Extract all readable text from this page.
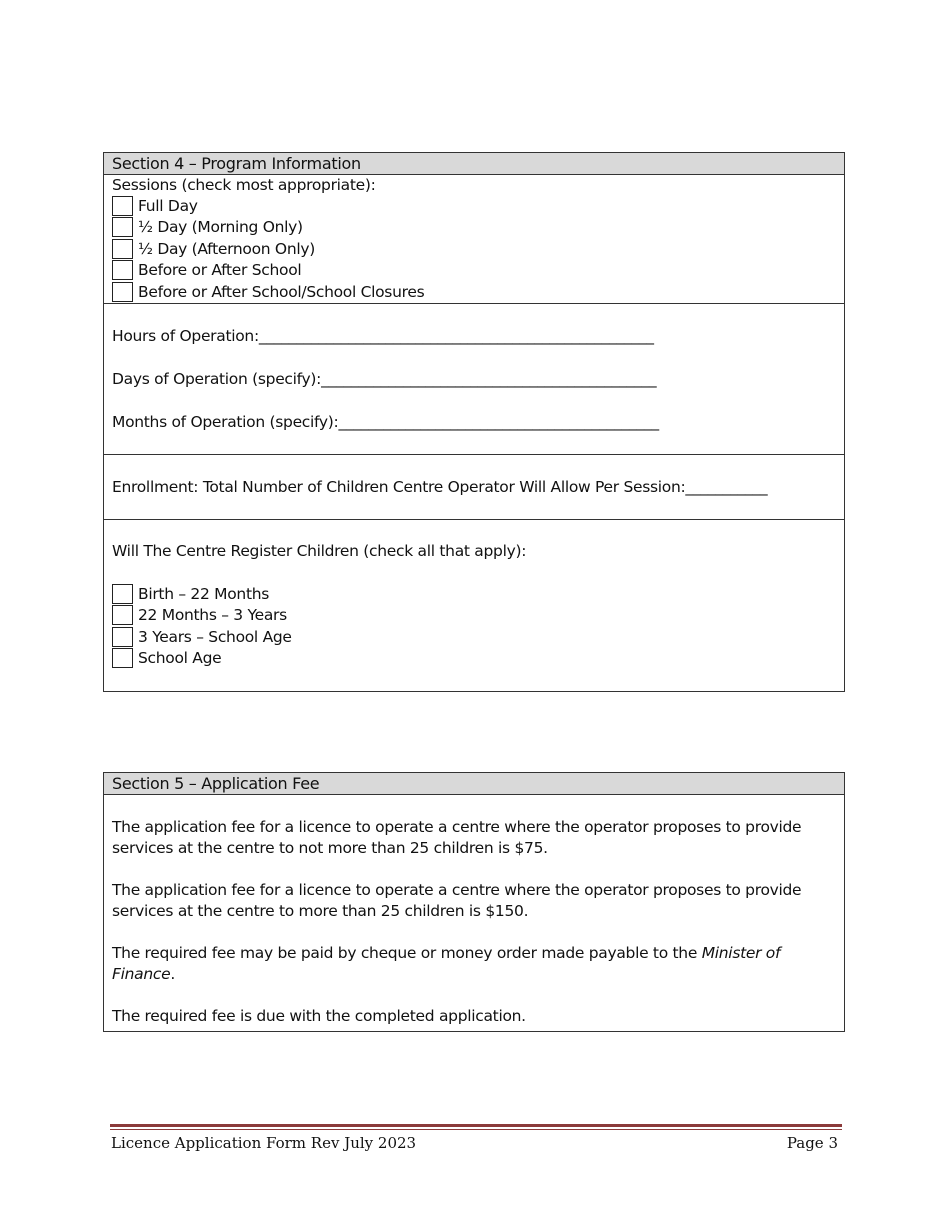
Section 4 – Program Information
Sessions (check most appropriate):
Full Day
½ Day (Morning Only)
½ Day (Afternoon Only)
Before or After School
Before or After School/School Closures
Hours of Operation:_____________________________________________________
Days of Operation (specify):_____________________________________________
Months of Operation (specify):___________________________________________
Enrollment: Total Number of Children Centre Operator Will Allow Per Session:___________
Will The Centre Register Children (check all that apply):
Birth – 22 Months
22 Months – 3 Years
3 Years – School Age
School Age
Section 5 – Application Fee

The application fee for a licence to operate a centre where the operator proposes to provide services at the centre to not more than 25 children is $75.

The application fee for a licence to operate a centre where the operator proposes to provide services at the centre to more than 25 children is $150.

The required fee may be paid by cheque or money order made payable to the Minister of Finance.

The required fee is due with the completed application.

Licence Application Form Rev July 2023	Page 3
